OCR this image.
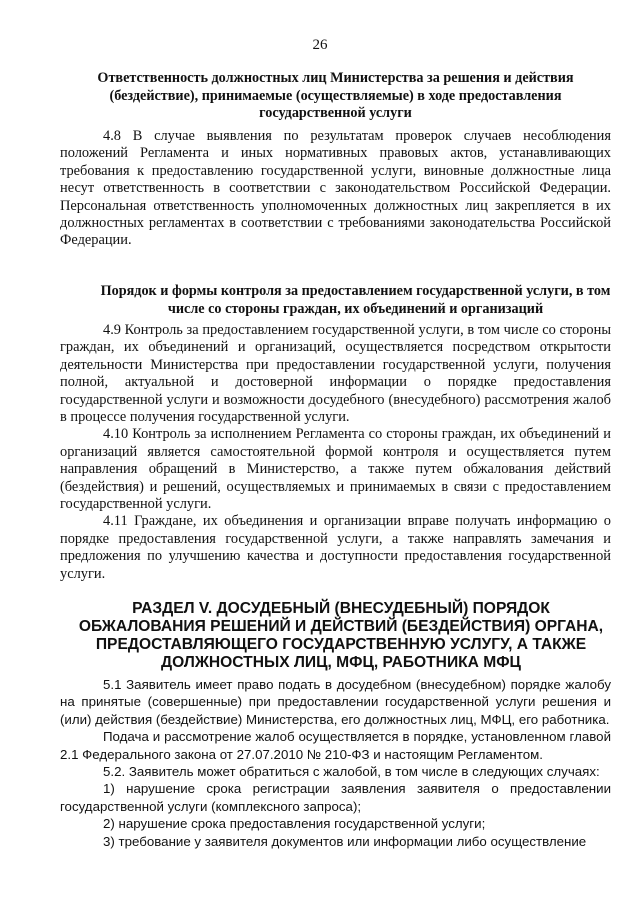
26
Ответственность должностных лиц Министерства за решения и действия (бездействие), принимаемые (осуществляемые) в ходе предоставления государственной услуги

4.8 В случае выявления по результатам проверок случаев несоблюдения положений Регламента и иных нормативных правовых актов, устанавливающих требования к предоставлению государственной услуги, виновные должностные лица несут ответственность в соответствии с законодательством Российской Федерации. Персональная ответственность уполномоченных должностных лиц закрепляется в их должностных регламентах в соответствии с требованиями законодательства Российской Федерации.

Порядок и формы контроля за предоставлением государственной услуги, в том числе со стороны граждан, их объединений и организаций

4.9 Контроль за предоставлением государственной услуги, в том числе со стороны граждан, их объединений и организаций, осуществляется посредством открытости деятельности Министерства при предоставлении государственной услуги, получения полной, актуальной и достоверной информации о порядке предоставления государственной услуги и возможности досудебного (внесудебного) рассмотрения жалоб в процессе получения государственной услуги.

4.10 Контроль за исполнением Регламента со стороны граждан, их объединений и организаций является самостоятельной формой контроля и осуществляется путем направления обращений в Министерство, а также путем обжалования действий (бездействия) и решений, осуществляемых и принимаемых в связи с предоставлением государственной услуги.

4.11 Граждане, их объединения и организации вправе получать информацию о порядке предоставления государственной услуги, а также направлять замечания и предложения по улучшению качества и доступности предоставления государственной услуги.

РАЗДЕЛ V. ДОСУДЕБНЫЙ (ВНЕСУДЕБНЫЙ) ПОРЯДОК ОБЖАЛОВАНИЯ РЕШЕНИЙ И ДЕЙСТВИЙ (БЕЗДЕЙСТВИЯ) ОРГАНА, ПРЕДОСТАВЛЯЮЩЕГО ГОСУДАРСТВЕННУЮ УСЛУГУ, А ТАКЖЕ ДОЛЖНОСТНЫХ ЛИЦ, МФЦ, РАБОТНИКА МФЦ

5.1 Заявитель имеет право подать в досудебном (внесудебном) порядке жалобу на принятые (совершенные) при предоставлении государственной услуги решения и (или) действия (бездействие) Министерства, его должностных лиц, МФЦ, его работника.

Подача и рассмотрение жалоб осуществляется в порядке, установленном главой 2.1 Федерального закона от 27.07.2010 № 210-ФЗ и настоящим Регламентом.

5.2. Заявитель может обратиться с жалобой, в том числе в следующих случаях:

1) нарушение срока регистрации заявления заявителя о предоставлении государственной услуги (комплексного запроса);

2) нарушение срока предоставления государственной услуги;

3) требование у заявителя документов или информации либо осуществление
